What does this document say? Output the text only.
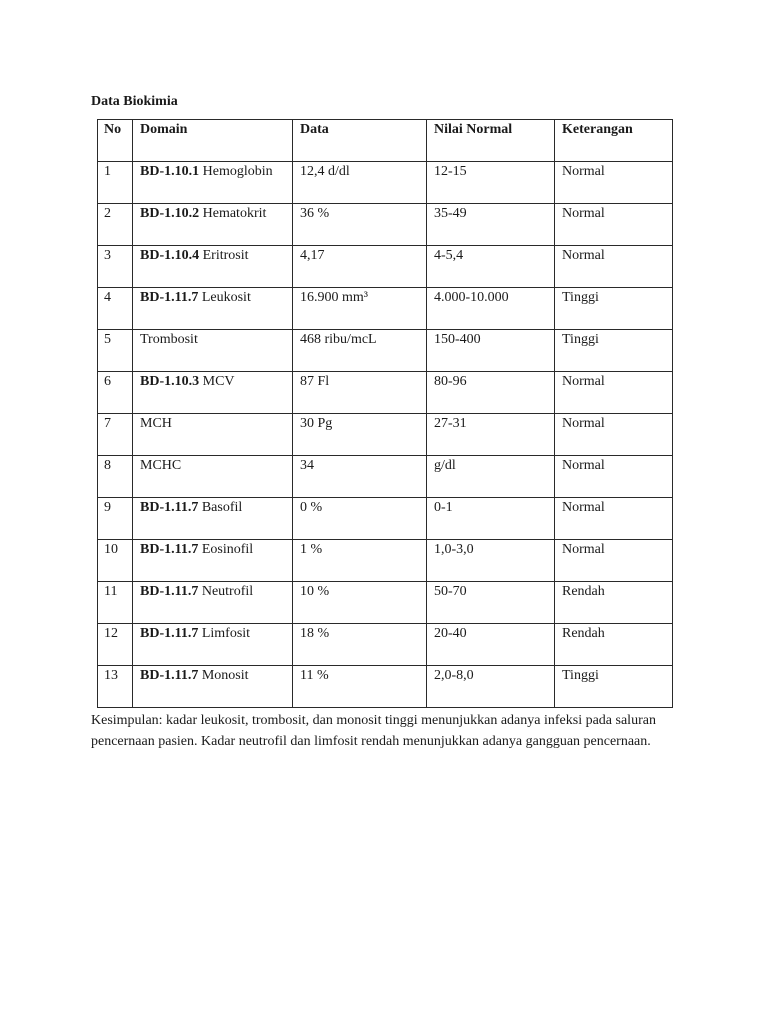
Data Biokimia
No	Domain	Data	Nilai Normal	Keterangan
1	BD-1.10.1 Hemoglobin	12,4 d/dl	12-15	Normal
2	BD-1.10.2 Hematokrit	36 %	35-49	Normal
3	BD-1.10.4 Eritrosit	4,17	4-5,4	Normal
4	BD-1.11.7 Leukosit	16.900 mm³	4.000-10.000	Tinggi
5	Trombosit	468 ribu/mcL	150-400	Tinggi
6	BD-1.10.3 MCV	87 Fl	80-96	Normal
7	MCH	30 Pg	27-31	Normal
8	MCHC	34	g/dl	Normal
9	BD-1.11.7 Basofil	0 %	0-1	Normal
10	BD-1.11.7 Eosinofil	1 %	1,0-3,0	Normal
11	BD-1.11.7 Neutrofil	10 %	50-70	Rendah
12	BD-1.11.7 Limfosit	18 %	20-40	Rendah
13	BD-1.11.7 Monosit	11 %	2,0-8,0	Tinggi

Kesimpulan: kadar leukosit, trombosit, dan monosit tinggi menunjukkan adanya infeksi pada saluran pencernaan pasien. Kadar neutrofil dan limfosit rendah menunjukkan adanya gangguan pencernaan.
